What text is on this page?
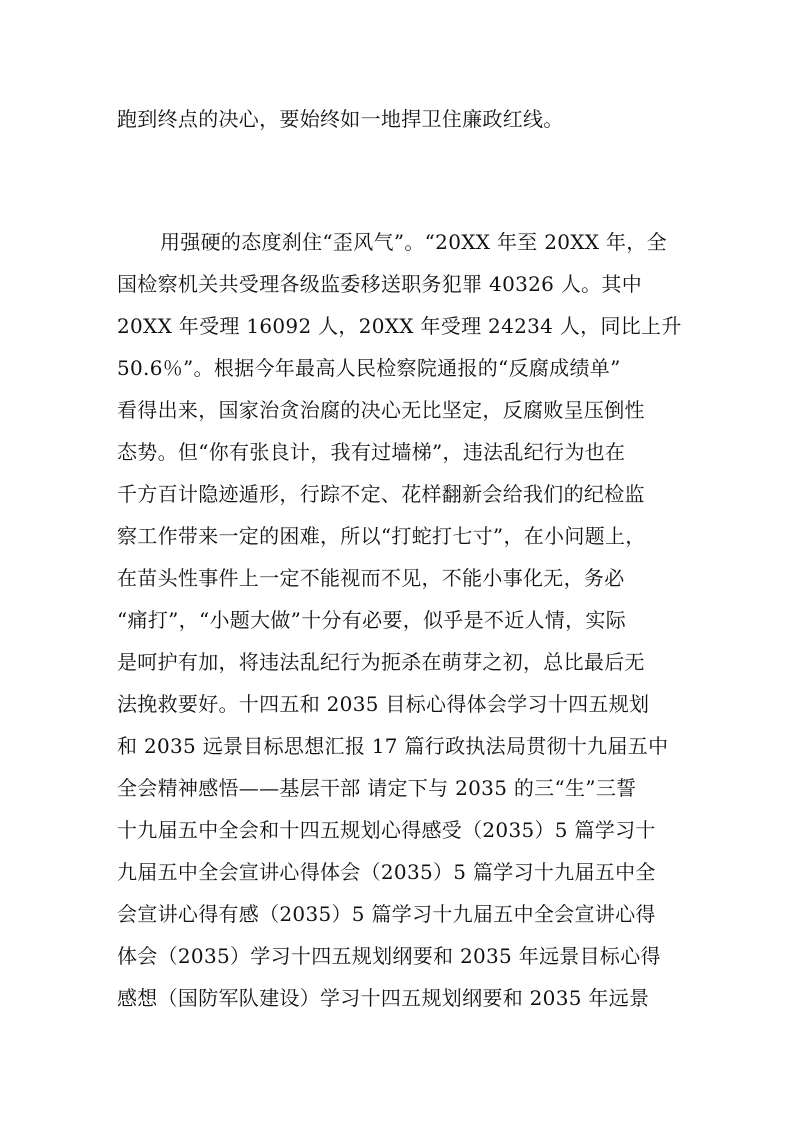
跑到终点的决心，要始终如一地捍卫住廉政红线。
用强硬的态度刹住“歪风气”。“20XX 年至 20XX 年，全
国检察机关共受理各级监委移送职务犯罪 40326 人。其中
20XX 年受理 16092 人，20XX 年受理 24234 人，同比上升
50.6％”。根据今年最高人民检察院通报的“反腐成绩单”
看得出来，国家治贪治腐的决心无比坚定，反腐败呈压倒性
态势。但“你有张良计，我有过墙梯”，违法乱纪行为也在
千方百计隐迹遁形，行踪不定、花样翻新会给我们的纪检监
察工作带来一定的困难，所以“打蛇打七寸”，在小问题上，
在苗头性事件上一定不能视而不见，不能小事化无，务必
“痛打”，“小题大做”十分有必要，似乎是不近人情，实际
是呵护有加，将违法乱纪行为扼杀在萌芽之初，总比最后无
法挽救要好。十四五和 2035 目标心得体会学习十四五规划
和 2035 远景目标思想汇报 17 篇行政执法局贯彻十九届五中
全会精神感悟——基层干部 请定下与 2035 的三“生”三誓
十九届五中全会和十四五规划心得感受（2035）5 篇学习十
九届五中全会宣讲心得体会（2035）5 篇学习十九届五中全
会宣讲心得有感（2035）5 篇学习十九届五中全会宣讲心得
体会（2035）学习十四五规划纲要和 2035 年远景目标心得
感想（国防军队建设）学习十四五规划纲要和 2035 年远景
